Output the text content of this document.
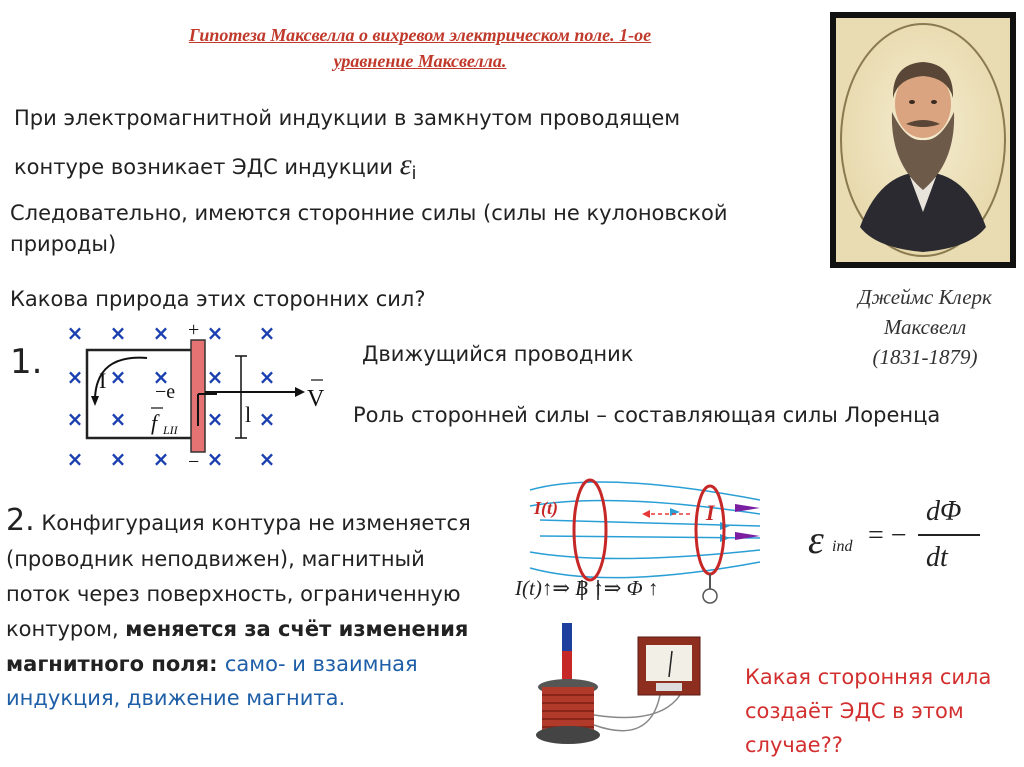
Гипотеза Максвелла о вихревом электрическом поле. 1-ое
уравнение Максвелла.
При электромагнитной индукции в замкнутом проводящем
контуре возникает ЭДС индукции $\varepsilon_i$
Следовательно, имеются сторонние силы (силы не кулоновской
природы)
Какова природа этих сторонних сил?	Джеймс Клерк
Максвелл
(1831-1879)
1.
× × × × ×
× × × × ×
× ×	× ×
× × × × ×
I
+
−
−e
f LII
l
V
Движущийся проводник
Роль сторонней силы – составляющая силы Лоренца
2. Конфигурация контура не изменяется
(проводник неподвижен), магнитный
поток через поверхность, ограниченную
контуром, меняется за счёт изменения
магнитного поля: само- и взаимная
индукция, движение магнита.
I(t)	I
I(t)↑⇒ B ↑⇒ Φ ↑
ε ind = −
dΦ
dt
Какая сторонняя сила
создаёт ЭДС в этом
случае??
